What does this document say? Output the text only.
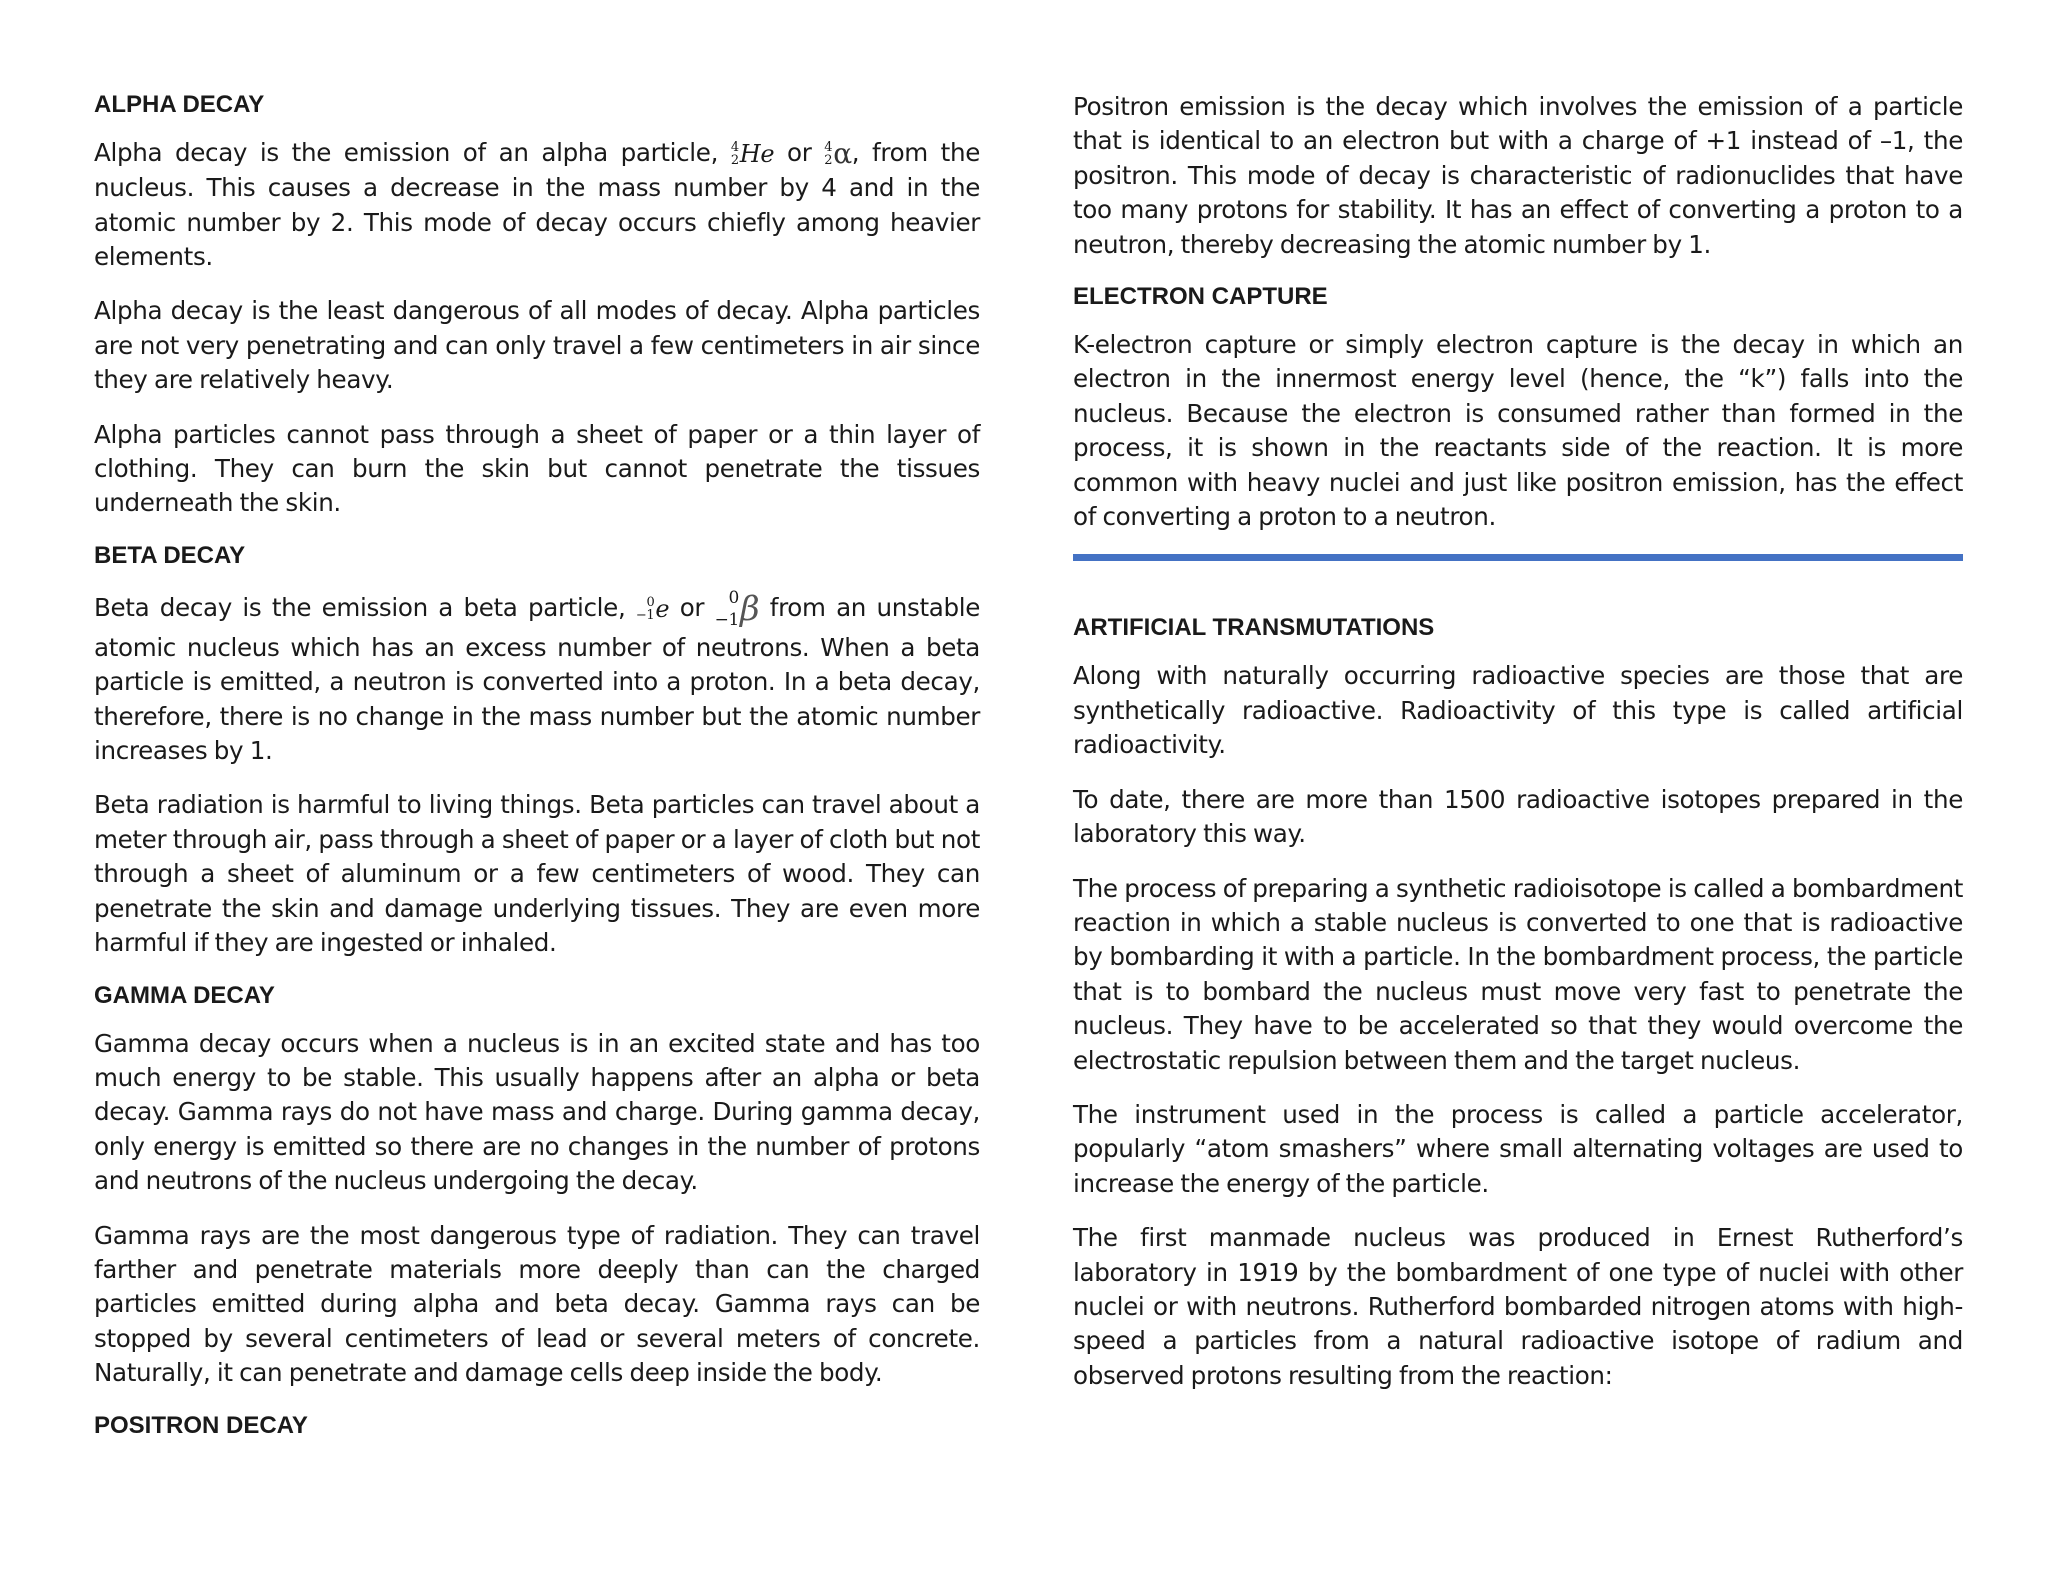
ALPHA DECAY

Alpha decay is the emission of an alpha particle, 4
2 He or 4
2 α , from the nucleus. This causes a decrease in the mass number by 4 and in the atomic number by 2. This mode of decay occurs chiefly among heavier elements.

Alpha decay is the least dangerous of all modes of decay. Alpha particles are not very penetrating and can only travel a few centimeters in air since they are relatively heavy.

Alpha particles cannot pass through a sheet of paper or a thin layer of clothing. They can burn the skin but cannot penetrate the tissues underneath the skin.

BETA DECAY

Beta decay is the emission a beta particle, 0
−1 e or 0
−1 β from an unstable atomic nucleus which has an excess number of neutrons. When a beta particle is emitted, a neutron is converted into a proton. In a beta decay, therefore, there is no change in the mass number but the atomic number increases by 1.

Beta radiation is harmful to living things. Beta particles can travel about a meter through air, pass through a sheet of paper or a layer of cloth but not through a sheet of aluminum or a few centimeters of wood. They can penetrate the skin and damage underlying tissues. They are even more harmful if they are ingested or inhaled.

GAMMA DECAY

Gamma decay occurs when a nucleus is in an excited state and has too much energy to be stable. This usually happens after an alpha or beta decay. Gamma rays do not have mass and charge. During gamma decay, only energy is emitted so there are no changes in the number of protons and neutrons of the nucleus undergoing the decay.

Gamma rays are the most dangerous type of radiation. They can travel farther and penetrate materials more deeply than can the charged particles emitted during alpha and beta decay. Gamma rays can be stopped by several centimeters of lead or several meters of concrete. Naturally, it can penetrate and damage cells deep inside the body.

POSITRON DECAY

Positron emission is the decay which involves the emission of a particle that is identical to an electron but with a charge of +1 instead of –1, the positron. This mode of decay is characteristic of radionuclides that have too many protons for stability. It has an effect of converting a proton to a neutron, thereby decreasing the atomic number by 1.

ELECTRON CAPTURE

K-electron capture or simply electron capture is the decay in which an electron in the innermost energy level (hence, the “k”) falls into the nucleus. Because the electron is consumed rather than formed in the process, it is shown in the reactants side of the reaction. It is more common with heavy nuclei and just like positron emission, has the effect of converting a proton to a neutron.

ARTIFICIAL TRANSMUTATIONS

Along with naturally occurring radioactive species are those that are synthetically radioactive. Radioactivity of this type is called artificial radioactivity.

To date, there are more than 1500 radioactive isotopes prepared in the laboratory this way.

The process of preparing a synthetic radioisotope is called a bombardment reaction in which a stable nucleus is converted to one that is radioactive by bombarding it with a particle. In the bombardment process, the particle that is to bombard the nucleus must move very fast to penetrate the nucleus. They have to be accelerated so that they would overcome the electrostatic repulsion between them and the target nucleus.

The instrument used in the process is called a particle accelerator, popularly “atom smashers” where small alternating voltages are used to increase the energy of the particle.

The first manmade nucleus was produced in Ernest Rutherford’s laboratory in 1919 by the bombardment of one type of nuclei with other nuclei or with neutrons. Rutherford bombarded nitrogen atoms with high-speed a particles from a natural radioactive isotope of radium and observed protons resulting from the reaction:
